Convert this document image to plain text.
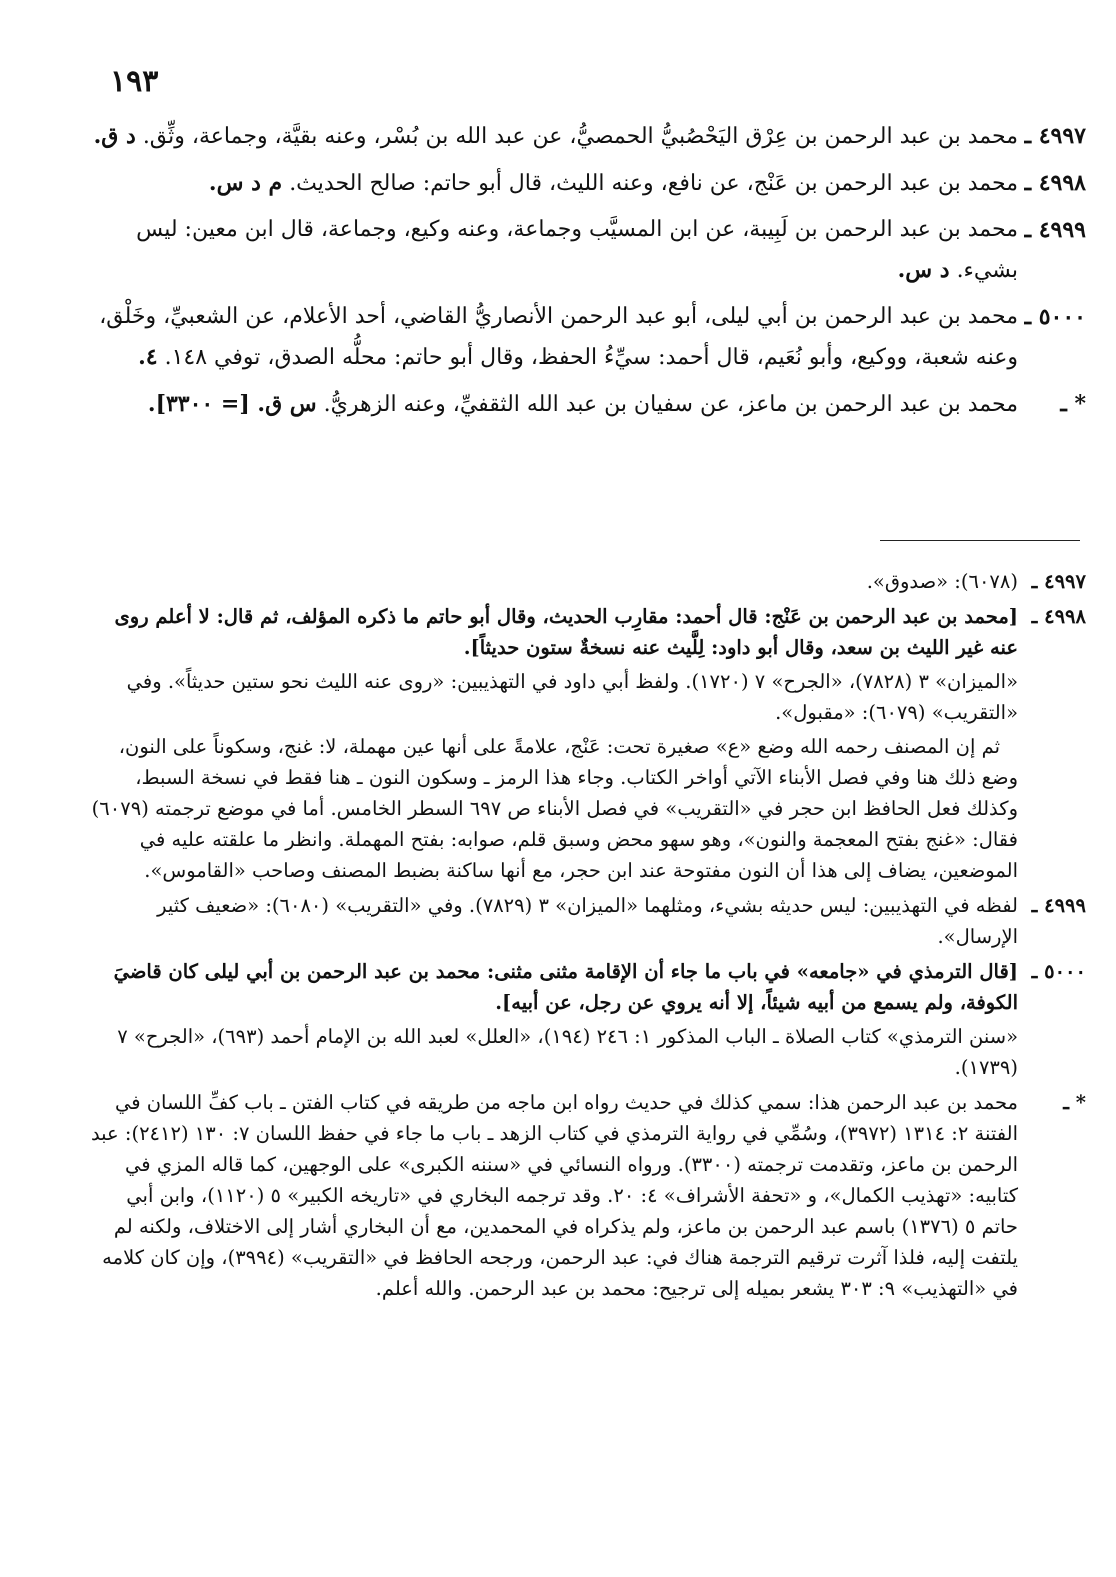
١٩٣
٤٩٩٧ ـ
محمد بن عبد الرحمن بن عِرْق اليَحْصُبيُّ الحمصيُّ، عن عبد الله بن بُسْر، وعنه بقيَّة، وجماعة، وثِّق. د ق.
٤٩٩٨ ـ
محمد بن عبد الرحمن بن عَنْج، عن نافع، وعنه الليث، قال أبو حاتم: صالح الحديث. م د س.
٤٩٩٩ ـ
محمد بن عبد الرحمن بن لَبِيبة، عن ابن المسيَّب وجماعة، وعنه وكيع، وجماعة، قال ابن معين: ليس بشيء. د س.
٥٠٠٠ ـ
محمد بن عبد الرحمن بن أبي ليلى، أبو عبد الرحمن الأنصاريُّ القاضي، أحد الأعلام، عن الشعبيِّ، وخَلْق، وعنه شعبة، ووكيع، وأبو نُعَيم، قال أحمد: سيِّءُ الحفظ، وقال أبو حاتم: محلُّه الصدق، توفي ١٤٨. ٤.
* ـ
محمد بن عبد الرحمن بن ماعز، عن سفيان بن عبد الله الثقفيِّ، وعنه الزهريُّ. س ق. [= ٣٣٠٠].
٤٩٩٧ ـ

(٦٠٧٨): «صدوق».

٤٩٩٨ ـ

[محمد بن عبد الرحمن بن عَنْج: قال أحمد: مقارِب الحديث، وقال أبو حاتم ما ذكره المؤلف، ثم قال: لا أعلم روى عنه غير الليث بن سعد، وقال أبو داود: لِلَّيث عنه نسخةٌ ستون حديثاً].

«الميزان» ٣ (٧٨٢٨)، «الجرح» ٧ (١٧٢٠). ولفظ أبي داود في التهذيبين: «روى عنه الليث نحو ستين حديثاً». وفي «التقريب» (٦٠٧٩): «مقبول».

ثم إن المصنف رحمه الله وضع «ع» صغيرة تحت: عَنْج، علامةً على أنها عين مهملة، لا: غنج، وسكوناً على النون، وضع ذلك هنا وفي فصل الأبناء الآتي أواخر الكتاب. وجاء هذا الرمز ـ وسكون النون ـ هنا فقط في نسخة السبط، وكذلك فعل الحافظ ابن حجر في «التقريب» في فصل الأبناء ص ٦٩٧ السطر الخامس. أما في موضع ترجمته (٦٠٧٩) فقال: «غنج بفتح المعجمة والنون»، وهو سهو محض وسبق قلم، صوابه: بفتح المهملة. وانظر ما علقته عليه في الموضعين، يضاف إلى هذا أن النون مفتوحة عند ابن حجر، مع أنها ساكنة بضبط المصنف وصاحب «القاموس».

٤٩٩٩ ـ

لفظه في التهذيبين: ليس حديثه بشيء، ومثلهما «الميزان» ٣ (٧٨٢٩). وفي «التقريب» (٦٠٨٠): «ضعيف كثير الإرسال».

٥٠٠٠ ـ

[قال الترمذي في «جامعه» في باب ما جاء أن الإقامة مثنى مثنى: محمد بن عبد الرحمن بن أبي ليلى كان قاضيَ الكوفة، ولم يسمع من أبيه شيئاً، إلا أنه يروي عن رجل، عن أبيه].

«سنن الترمذي» كتاب الصلاة ـ الباب المذكور ١: ٢٤٦ (١٩٤)، «العلل» لعبد الله بن الإمام أحمد (٦٩٣)، «الجرح» ٧ (١٧٣٩).

* ـ

محمد بن عبد الرحمن هذا: سمي كذلك في حديث رواه ابن ماجه من طريقه في كتاب الفتن ـ باب كفِّ اللسان في الفتنة ٢: ١٣١٤ (٣٩٧٢)، وسُمِّي في رواية الترمذي في كتاب الزهد ـ باب ما جاء في حفظ اللسان ٧: ١٣٠ (٢٤١٢): عبد الرحمن بن ماعز، وتقدمت ترجمته (٣٣٠٠). ورواه النسائي في «سننه الكبرى» على الوجهين، كما قاله المزي في كتابيه: «تهذيب الكمال»، و «تحفة الأشراف» ٤: ٢٠. وقد ترجمه البخاري في «تاريخه الكبير» ٥ (١١٢٠)، وابن أبي حاتم ٥ (١٣٧٦) باسم عبد الرحمن بن ماعز، ولم يذكراه في المحمدين، مع أن البخاري أشار إلى الاختلاف، ولكنه لم يلتفت إليه، فلذا آثرت ترقيم الترجمة هناك في: عبد الرحمن، ورجحه الحافظ في «التقريب» (٣٩٩٤)، وإن كان كلامه في «التهذيب» ٩: ٣٠٣ يشعر بميله إلى ترجيح: محمد بن عبد الرحمن. والله أعلم.
